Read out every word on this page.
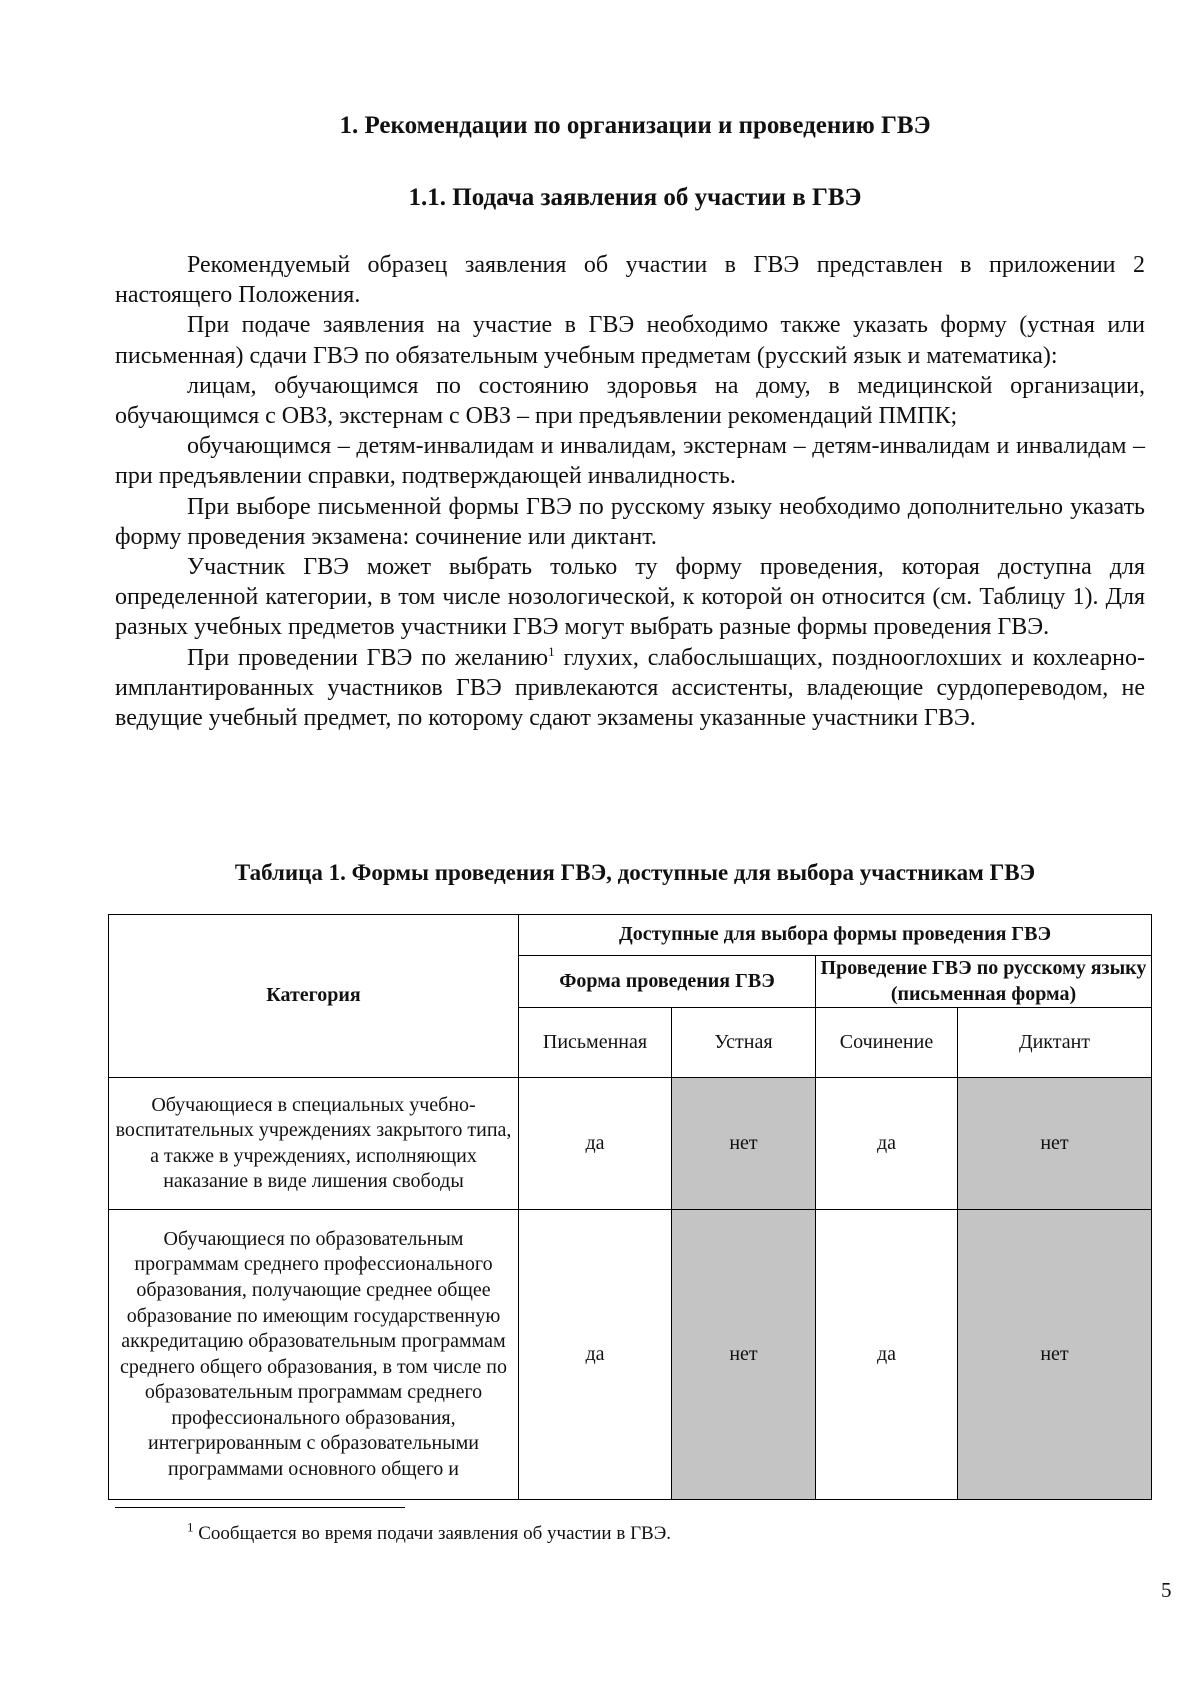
1. Рекомендации по организации и проведению ГВЭ
1.1. Подача заявления об участии в ГВЭ

Рекомендуемый образец заявления об участии в ГВЭ представлен в приложении 2 настоящего Положения.

При подаче заявления на участие в ГВЭ необходимо также указать форму (устная или письменная) сдачи ГВЭ по обязательным учебным предметам (русский язык и математика):

лицам, обучающимся по состоянию здоровья на дому, в медицинской организации, обучающимся с ОВЗ, экстернам с ОВЗ – при предъявлении рекомендаций ПМПК;

обучающимся – детям-инвалидам и инвалидам, экстернам – детям-инвалидам и инвалидам – при предъявлении справки, подтверждающей инвалидность.

При выборе письменной формы ГВЭ по русскому языку необходимо дополнительно указать форму проведения экзамена: сочинение или диктант.

Участник ГВЭ может выбрать только ту форму проведения, которая доступна для определенной категории, в том числе нозологической, к которой он относится (см. Таблицу 1). Для разных учебных предметов участники ГВЭ могут выбрать разные формы проведения ГВЭ.

При проведении ГВЭ по желанию$^1$ глухих, слабослышащих, позднооглохших и кохлеарно-имплантированных участников ГВЭ привлекаются ассистенты, владеющие сурдопереводом, не ведущие учебный предмет, по которому сдают экзамены указанные участники ГВЭ.

Таблица 1. Формы проведения ГВЭ, доступные для выбора участникам ГВЭ
Категория	Доступные для выбора формы проведения ГВЭ			
	Форма проведения ГВЭ		Проведение ГВЭ по русскому языку (письменная форма)	
	Письменная	Устная	Сочинение	Диктант
Обучающиеся в специальных учебно-воспитательных учреждениях закрытого типа, а также в учреждениях, исполняющих наказание в виде лишения свободы	да	нет	да	нет
Обучающиеся по образовательным программам среднего профессионального образования, получающие среднее общее образование по имеющим государственную аккредитацию образовательным программам среднего общего образования, в том числе по образовательным программам среднего профессионального образования, интегрированным с образовательными программами основного общего и	да	нет	да	нет

$^1$ Сообщается во время подачи заявления об участии в ГВЭ.

5
